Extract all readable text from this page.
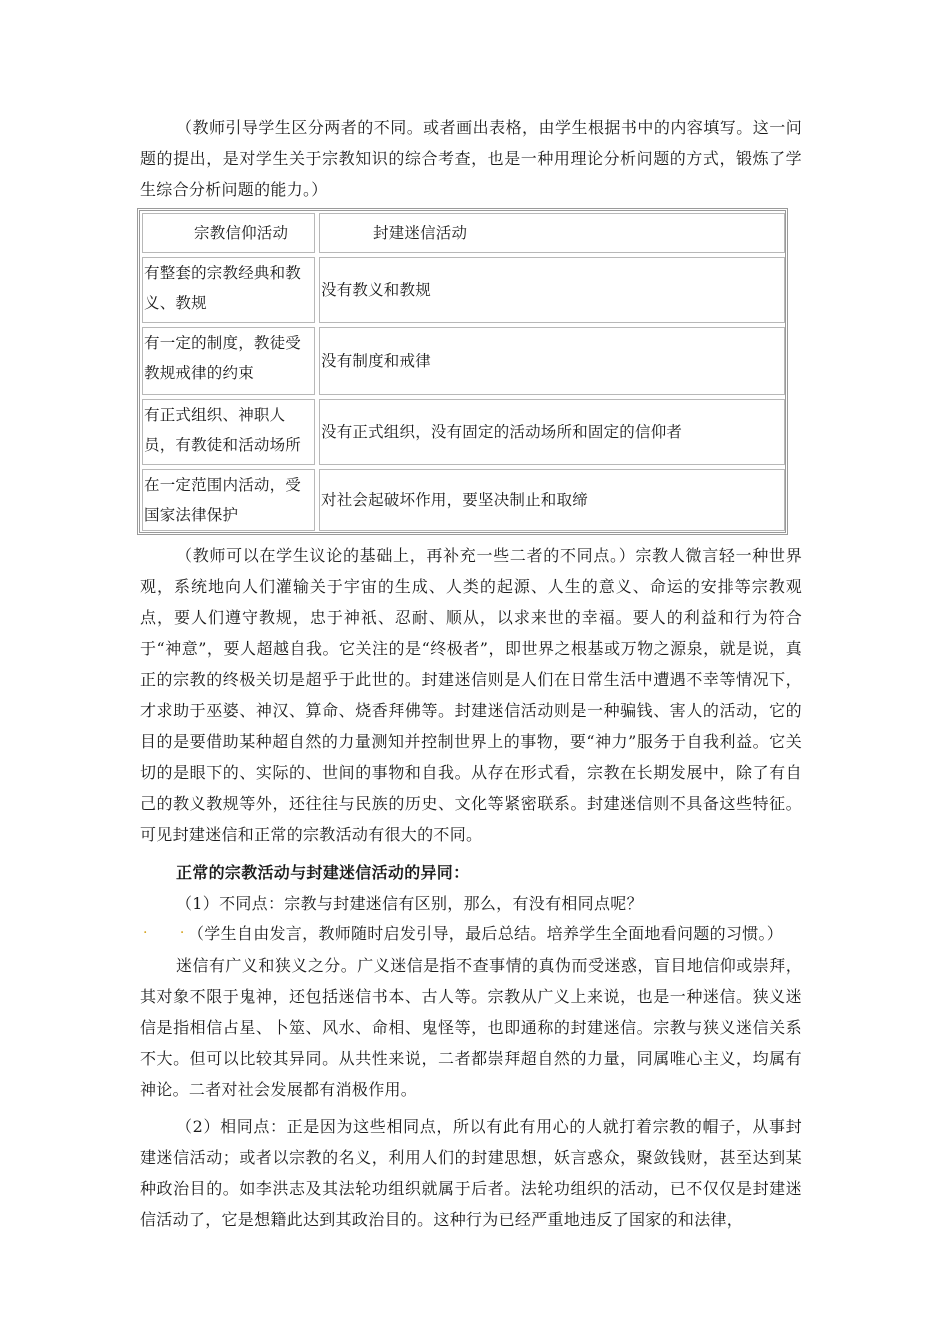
（教师引导学生区分两者的不同。或者画出表格，由学生根据书中的内容填写。这一问题的提出，是对学生关于宗教知识的综合考查，也是一种用理论分析问题的方式，锻炼了学生综合分析问题的能力。）

宗教信仰活动	封建迷信活动
有整套的宗教经典和教义、教规
没有教义和教规
有一定的制度，教徒受教规戒律的约束
没有制度和戒律
有正式组织、神职人员，有教徒和活动场所
没有正式组织，没有固定的活动场所和固定的信仰者
在一定范围内活动，受国家法律保护
对社会起破坏作用，要坚决制止和取缔

（教师可以在学生议论的基础上，再补充一些二者的不同点。）宗教人微言轻一种世界观，系统地向人们灌输关于宇宙的生成、人类的起源、人生的意义、命运的安排等宗教观点，要人们遵守教规，忠于神祇、忍耐、顺从，以求来世的幸福。要人的利益和行为符合于“神意”，要人超越自我。它关注的是“终极者”，即世界之根基或万物之源泉，就是说，真正的宗教的终极关切是超乎于此世的。封建迷信则是人们在日常生活中遭遇不幸等情况下，才求助于巫婆、神汉、算命、烧香拜佛等。封建迷信活动则是一种骗钱、害人的活动，它的目的是要借助某种超自然的力量测知并控制世界上的事物，要“神力”服务于自我利益。它关切的是眼下的、实际的、世间的事物和自我。从存在形式看，宗教在长期发展中，除了有自己的教义教规等外，还往往与民族的历史、文化等紧密联系。封建迷信则不具备这些特征。可见封建迷信和正常的宗教活动有很大的不同。

正常的宗教活动与封建迷信活动的异同：

（1）不同点：宗教与封建迷信有区别，那么，有没有相同点呢？

· ·

（学生自由发言，教师随时启发引导，最后总结。培养学生全面地看问题的习惯。）

迷信有广义和狭义之分。广义迷信是指不查事情的真伪而受迷惑，盲目地信仰或崇拜，其对象不限于鬼神，还包括迷信书本、古人等。宗教从广义上来说，也是一种迷信。狭义迷信是指相信占星、卜筮、风水、命相、鬼怪等，也即通称的封建迷信。宗教与狭义迷信关系不大。但可以比较其异同。从共性来说，二者都崇拜超自然的力量，同属唯心主义，均属有神论。二者对社会发展都有消极作用。

（2）相同点：正是因为这些相同点，所以有此有用心的人就打着宗教的帽子，从事封建迷信活动；或者以宗教的名义，利用人们的封建思想，妖言惑众，聚敛钱财，甚至达到某种政治目的。如李洪志及其法轮功组织就属于后者。法轮功组织的活动，已不仅仅是封建迷信活动了，它是想籍此达到其政治目的。这种行为已经严重地违反了国家的和法律，
